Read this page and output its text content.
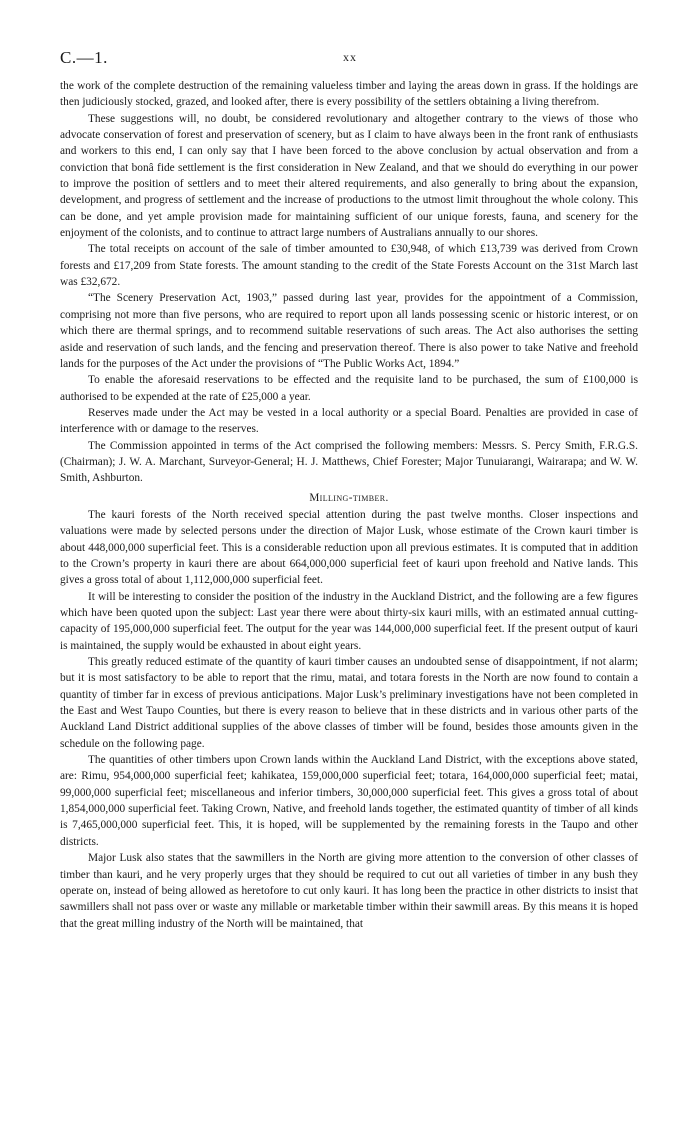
C.—1.	xx

the work of the complete destruction of the remaining valueless timber and laying the areas down in grass. If the holdings are then judiciously stocked, grazed, and looked after, there is every possibility of the settlers obtaining a living therefrom.

These suggestions will, no doubt, be considered revolutionary and altogether contrary to the views of those who advocate conservation of forest and preservation of scenery, but as I claim to have always been in the front rank of enthusiasts and workers to this end, I can only say that I have been forced to the above conclusion by actual observation and from a conviction that bonâ fide settlement is the first consideration in New Zealand, and that we should do everything in our power to improve the position of settlers and to meet their altered requirements, and also generally to bring about the expansion, development, and progress of settlement and the increase of productions to the utmost limit throughout the whole colony. This can be done, and yet ample provision made for maintaining sufficient of our unique forests, fauna, and scenery for the enjoyment of the colonists, and to continue to attract large numbers of Australians annually to our shores.

The total receipts on account of the sale of timber amounted to £30,948, of which £13,739 was derived from Crown forests and £17,209 from State forests. The amount standing to the credit of the State Forests Account on the 31st March last was £32,672.

“The Scenery Preservation Act, 1903,” passed during last year, provides for the appointment of a Commission, comprising not more than five persons, who are required to report upon all lands possessing scenic or historic interest, or on which there are thermal springs, and to recommend suitable reservations of such areas. The Act also authorises the setting aside and reservation of such lands, and the fencing and preservation thereof. There is also power to take Native and freehold lands for the purposes of the Act under the provisions of “The Public Works Act, 1894.”

To enable the aforesaid reservations to be effected and the requisite land to be purchased, the sum of £100,000 is authorised to be expended at the rate of £25,000 a year.

Reserves made under the Act may be vested in a local authority or a special Board. Penalties are provided in case of interference with or damage to the reserves.

The Commission appointed in terms of the Act comprised the following members: Messrs. S. Percy Smith, F.R.G.S. (Chairman); J. W. A. Marchant, Surveyor-General; H. J. Matthews, Chief Forester; Major Tunuiarangi, Wairarapa; and W. W. Smith, Ashburton.

Milling-timber.

The kauri forests of the North received special attention during the past twelve months. Closer inspections and valuations were made by selected persons under the direction of Major Lusk, whose estimate of the Crown kauri timber is about 448,000,000 superficial feet. This is a considerable reduction upon all previous estimates. It is computed that in addition to the Crown’s property in kauri there are about 664,000,000 superficial feet of kauri upon freehold and Native lands. This gives a gross total of about 1,112,000,000 superficial feet.

It will be interesting to consider the position of the industry in the Auckland District, and the following are a few figures which have been quoted upon the subject: Last year there were about thirty-six kauri mills, with an estimated annual cutting-capacity of 195,000,000 superficial feet. The output for the year was 144,000,000 superficial feet. If the present output of kauri is maintained, the supply would be exhausted in about eight years.

This greatly reduced estimate of the quantity of kauri timber causes an undoubted sense of disappointment, if not alarm; but it is most satisfactory to be able to report that the rimu, matai, and totara forests in the North are now found to contain a quantity of timber far in excess of previous anticipations. Major Lusk’s preliminary investigations have not been completed in the East and West Taupo Counties, but there is every reason to believe that in these districts and in various other parts of the Auckland Land District additional supplies of the above classes of timber will be found, besides those amounts given in the schedule on the following page.

The quantities of other timbers upon Crown lands within the Auckland Land District, with the exceptions above stated, are: Rimu, 954,000,000 superficial feet; kahikatea, 159,000,000 superficial feet; totara, 164,000,000 superficial feet; matai, 99,000,000 superficial feet; miscellaneous and inferior timbers, 30,000,000 superficial feet. This gives a gross total of about 1,854,000,000 superficial feet. Taking Crown, Native, and freehold lands together, the estimated quantity of timber of all kinds is 7,465,000,000 superficial feet. This, it is hoped, will be supplemented by the remaining forests in the Taupo and other districts.

Major Lusk also states that the sawmillers in the North are giving more attention to the conversion of other classes of timber than kauri, and he very properly urges that they should be required to cut out all varieties of timber in any bush they operate on, instead of being allowed as heretofore to cut only kauri. It has long been the practice in other districts to insist that sawmillers shall not pass over or waste any millable or marketable timber within their sawmill areas. By this means it is hoped that the great milling industry of the North will be maintained, that
